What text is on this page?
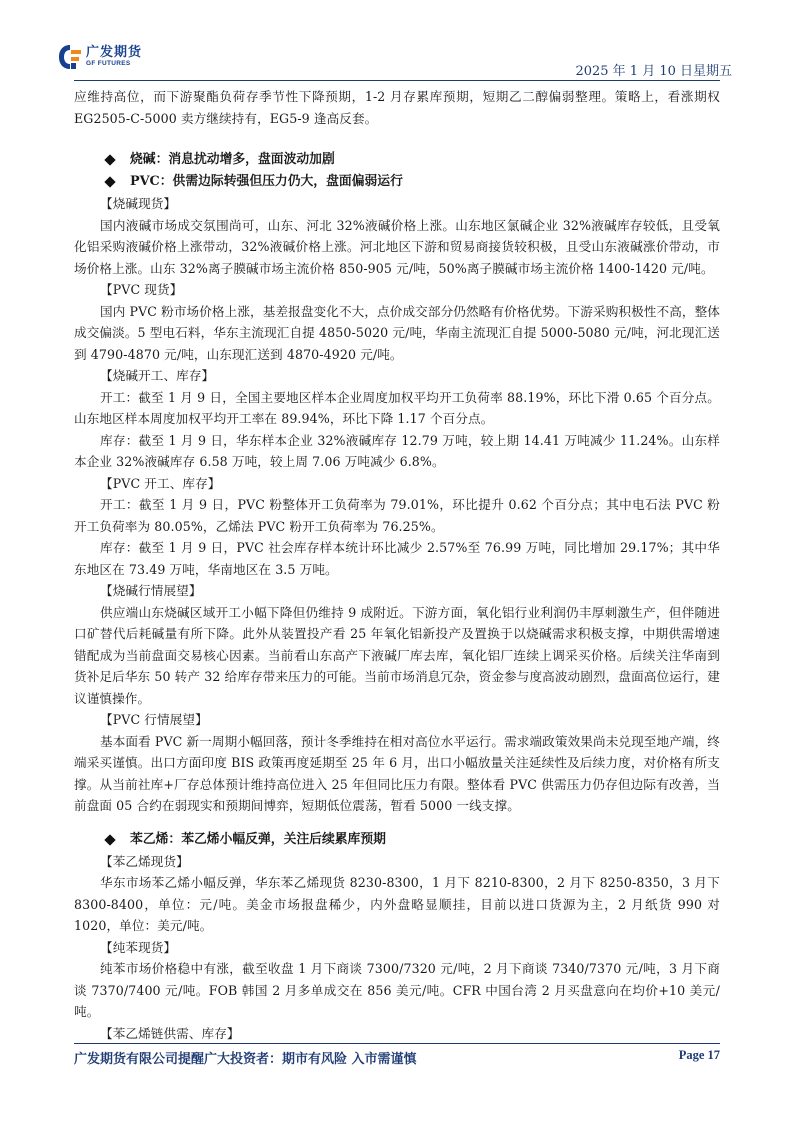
广发期货
GF FUTURES
2025 年 1 月 10 日星期五

应维持高位，而下游聚酯负荷存季节性下降预期，1-2 月存累库预期，短期乙二醇偏弱整理。策略上，看涨期权 EG2505-C-5000 卖方继续持有，EG5-9 逢高反套。

烧碱：消息扰动增多，盘面波动加剧
PVC：供需边际转强但压力仍大，盘面偏弱运行

【烧碱现货】

国内液碱市场成交氛围尚可，山东、河北 32%液碱价格上涨。山东地区氯碱企业 32%液碱库存较低，且受氧化铝采购液碱价格上涨带动，32%液碱价格上涨。河北地区下游和贸易商接货较积极，且受山东液碱涨价带动，市场价格上涨。山东 32%离子膜碱市场主流价格 850-905 元/吨，50%离子膜碱市场主流价格 1400-1420 元/吨。

【PVC 现货】

国内 PVC 粉市场价格上涨，基差报盘变化不大，点价成交部分仍然略有价格优势。下游采购积极性不高，整体成交偏淡。5 型电石料，华东主流现汇自提 4850-5020 元/吨，华南主流现汇自提 5000-5080 元/吨，河北现汇送到 4790-4870 元/吨，山东现汇送到 4870-4920 元/吨。

【烧碱开工、库存】

开工：截至 1 月 9 日，全国主要地区样本企业周度加权平均开工负荷率 88.19%，环比下滑 0.65 个百分点。山东地区样本周度加权平均开工率在 89.94%，环比下降 1.17 个百分点。

库存：截至 1 月 9 日，华东样本企业 32%液碱库存 12.79 万吨，较上期 14.41 万吨减少 11.24%。山东样本企业 32%液碱库存 6.58 万吨，较上周 7.06 万吨减少 6.8%。

【PVC 开工、库存】

开工：截至 1 月 9 日，PVC 粉整体开工负荷率为 79.01%，环比提升 0.62 个百分点；其中电石法 PVC 粉开工负荷率为 80.05%，乙烯法 PVC 粉开工负荷率为 76.25%。

库存：截至 1 月 9 日，PVC 社会库存样本统计环比减少 2.57%至 76.99 万吨，同比增加 29.17%；其中华东地区在 73.49 万吨，华南地区在 3.5 万吨。

【烧碱行情展望】

供应端山东烧碱区域开工小幅下降但仍维持 9 成附近。下游方面，氧化铝行业利润仍丰厚刺激生产，但伴随进口矿替代后耗碱量有所下降。此外从装置投产看 25 年氧化铝新投产及置换于以烧碱需求积极支撑，中期供需增速错配成为当前盘面交易核心因素。当前看山东高产下液碱厂库去库，氧化铝厂连续上调采买价格。后续关注华南到货补足后华东 50 转产 32 给库存带来压力的可能。当前市场消息冗杂，资金参与度高波动剧烈，盘面高位运行，建议谨慎操作。

【PVC 行情展望】

基本面看 PVC 新一周期小幅回落，预计冬季维持在相对高位水平运行。需求端政策效果尚未兑现至地产端，终端采买谨慎。出口方面印度 BIS 政策再度延期至 25 年 6 月，出口小幅放量关注延续性及后续力度，对价格有所支撑。从当前社库+厂存总体预计维持高位进入 25 年但同比压力有限。整体看 PVC 供需压力仍存但边际有改善，当前盘面 05 合约在弱现实和预期间博弈，短期低位震荡，暂看 5000 一线支撑。

苯乙烯：苯乙烯小幅反弹，关注后续累库预期

【苯乙烯现货】

华东市场苯乙烯小幅反弹，华东苯乙烯现货 8230-8300，1 月下 8210-8300，2 月下 8250-8350，3 月下 8300-8400，单位：元/吨。美金市场报盘稀少，内外盘略显顺挂，目前以进口货源为主，2 月纸货 990 对 1020，单位：美元/吨。

【纯苯现货】

纯苯市场价格稳中有涨，截至收盘 1 月下商谈 7300/7320 元/吨，2 月下商谈 7340/7370 元/吨，3 月下商谈 7370/7400 元/吨。FOB 韩国 2 月多单成交在 856 美元/吨。CFR 中国台湾 2 月买盘意向在均价+10 美元/吨。

【苯乙烯链供需、库存】

广发期货有限公司提醒广大投资者：期市有风险 入市需谨慎	Page 17
